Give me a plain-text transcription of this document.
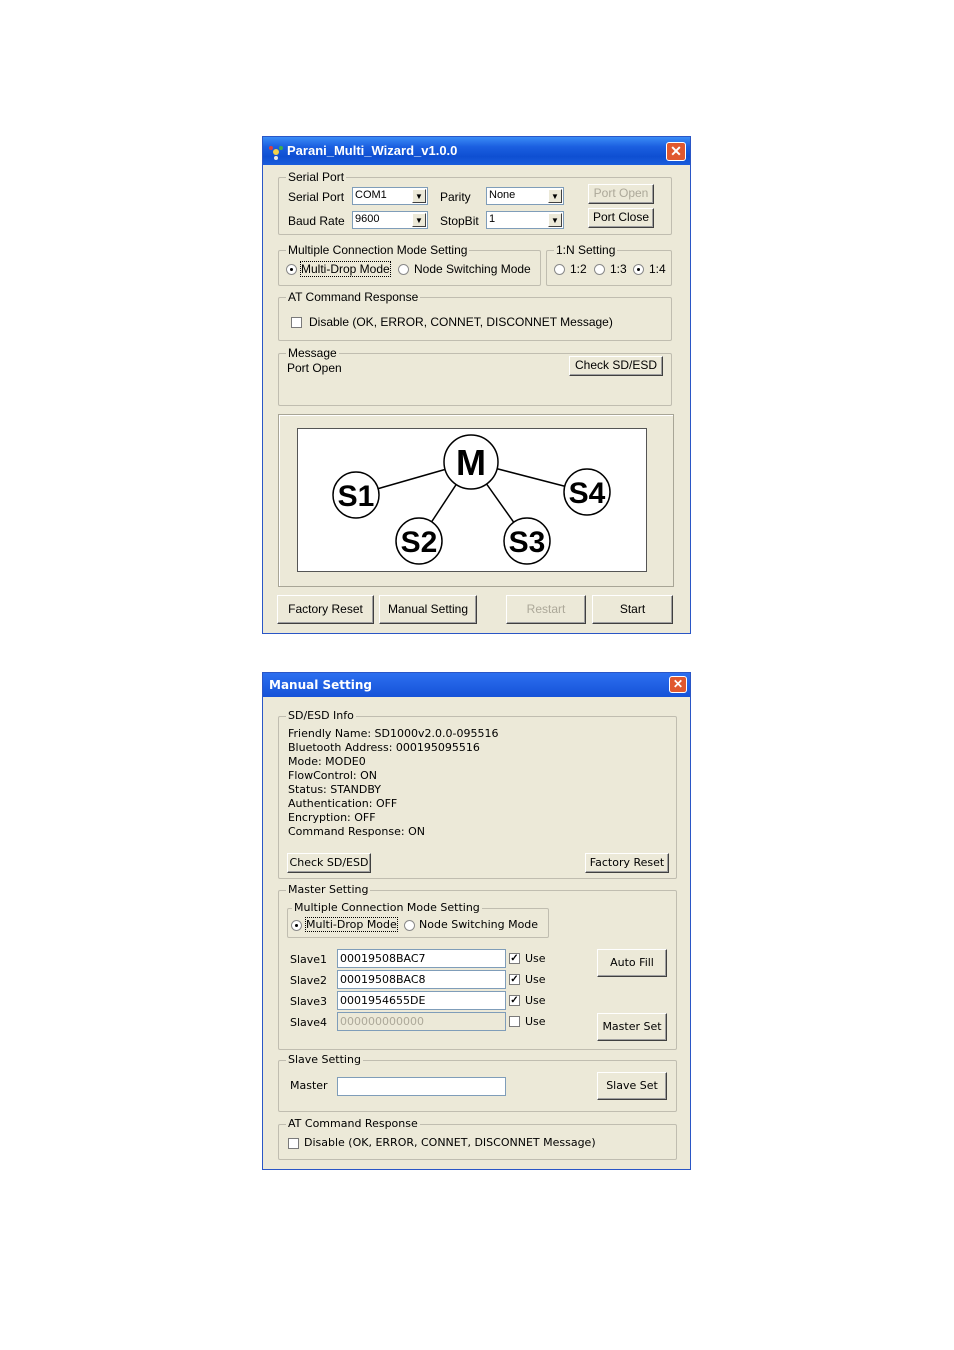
Parani_Multi_Wizard_v1.0.0	✕
Serial Port
Serial Port COM1	▼
Baud Rate 9600	▼
Parity None	▼
StopBit 1	▼
Port Open
Port Close
Multiple Connection Mode Setting
Multi-Drop Mode Node Switching Mode
1:N Setting
1:2 1:3 1:4
AT Command Response
Disable (OK, ERROR, CONNET, DISCONNET Message)
Message
Port Open	Check SD/ESD
M
S1	S4
S2 S3
Factory Reset	Manual Setting	Restart	Start
Manual Setting	✕
SD/ESD Info
Friendly Name: SD1000v2.0.0-095516
Bluetooth Address: 000195095516
Mode: MODE0
FlowControl: ON
Status: STANDBY
Authentication: OFF
Encryption: OFF
Command Response: ON
Check SD/ESD	Factory Reset
Master Setting
Multiple Connection Mode Setting
Multi-Drop Mode Node Switching Mode
Slave1 00019508BAC7	✓ Use
Slave2 00019508BAC8	✓ Use
Slave3 0001954655DE	✓ Use
Slave4 000000000000	Use
Auto Fill
Master Set
Slave Setting
Master	Slave Set
AT Command Response
Disable (OK, ERROR, CONNET, DISCONNET Message)
